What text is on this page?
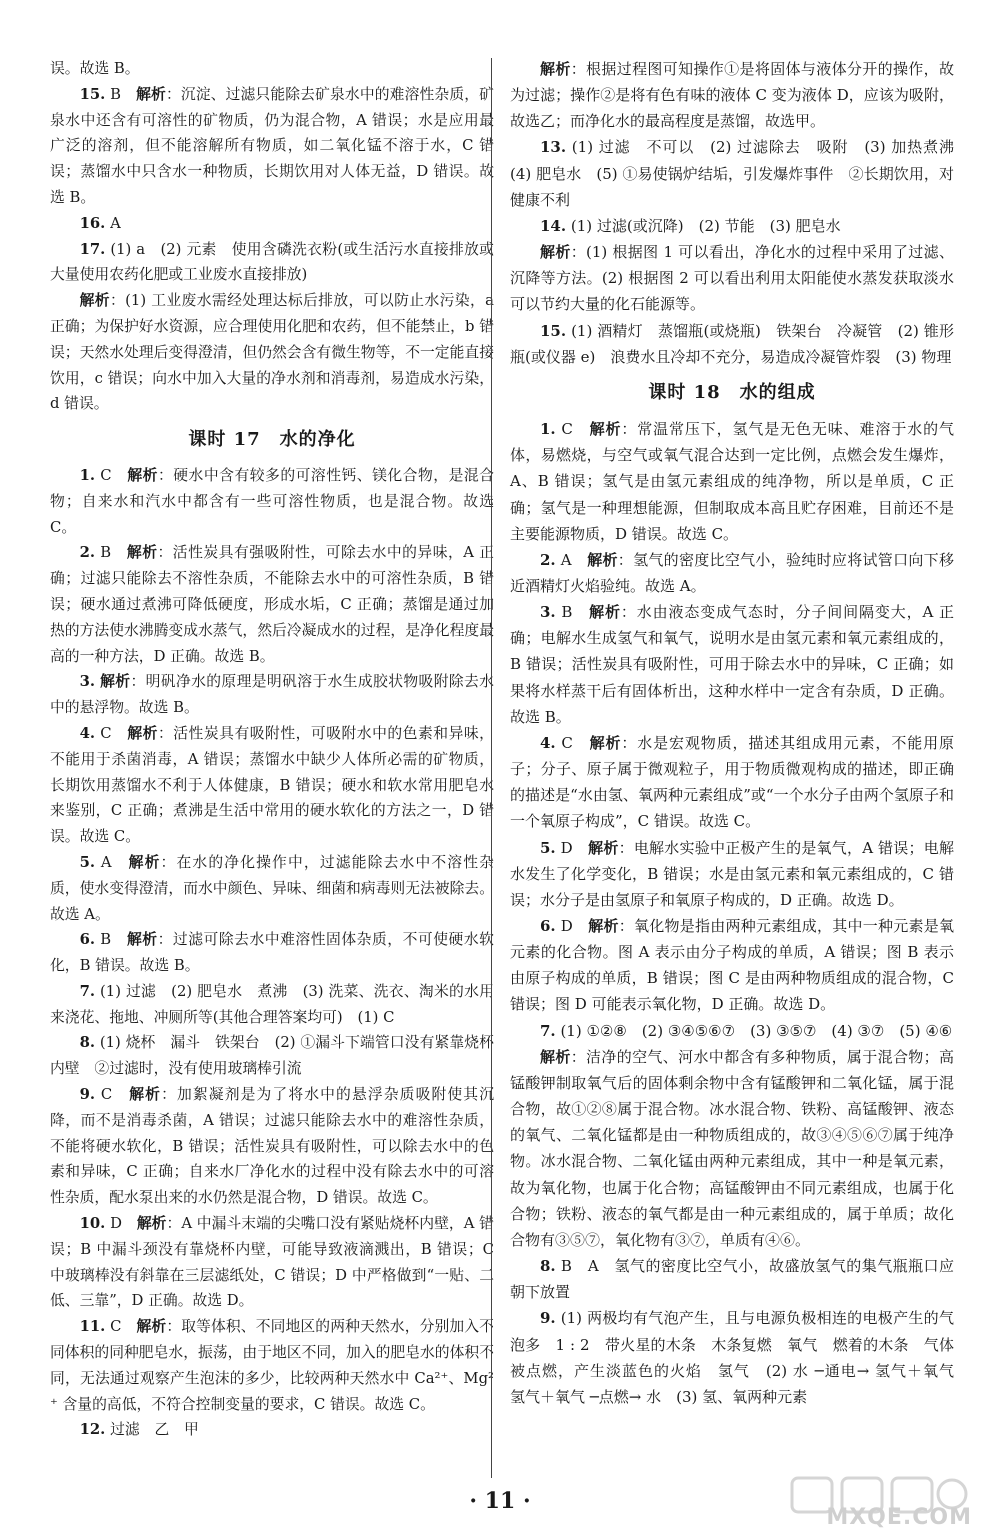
误。故选 B。

15. B　 解析：沉淀、过滤只能除去矿泉水中的难溶性杂质，矿泉水中还含有可溶性的矿物质，仍为混合物，A 错误；水是应用最广泛的溶剂，但不能溶解所有物质，如二氧化锰不溶于水，C 错误；蒸馏水中只含水一种物质，长期饮用对人体无益，D 错误。故选 B。

16. A　

17. (1) a　(2) 元素　使用含磷洗衣粉(或生活污水直接排放或大量使用农药化肥或工业废水直接排放)　

解析：(1) 工业废水需经处理达标后排放，可以防止水污染，a 正确；为保护好水资源，应合理使用化肥和农药，但不能禁止，b 错误；天然水处理后变得澄清，但仍然会含有微生物等，不一定能直接饮用，c 错误；向水中加入大量的净水剂和消毒剂，易造成水污染，d 错误。

课时 17　水的净化

1. C　 解析：硬水中含有较多的可溶性钙、镁化合物，是混合物；自来水和汽水中都含有一些可溶性物质，也是混合物。故选 C。

2. B　 解析：活性炭具有强吸附性，可除去水中的异味，A 正确；过滤只能除去不溶性杂质，不能除去水中的可溶性杂质，B 错误；硬水通过煮沸可降低硬度，形成水垢，C 正确；蒸馏是通过加热的方法使水沸腾变成水蒸气，然后冷凝成水的过程，是净化程度最高的一种方法，D 正确。故选 B。

3. 解析：明矾净水的原理是明矾溶于水生成胶状物吸附除去水中的悬浮物。故选 B。

4. C　 解析：活性炭具有吸附性，可吸附水中的色素和异味，不能用于杀菌消毒，A 错误；蒸馏水中缺少人体所必需的矿物质，长期饮用蒸馏水不利于人体健康，B 错误；硬水和软水常用肥皂水来鉴别，C 正确；煮沸是生活中常用的硬水软化的方法之一，D 错误。故选 C。

5. A　 解析：在水的净化操作中，过滤能除去水中不溶性杂质，使水变得澄清，而水中颜色、异味、细菌和病毒则无法被除去。故选 A。

6. B　 解析：过滤可除去水中难溶性固体杂质，不可使硬水软化，B 错误。故选 B。

7. (1) 过滤　(2) 肥皂水　煮沸　(3) 洗菜、洗衣、淘米的水用来浇花、拖地、冲厕所等(其他合理答案均可)　(1) C　

8. (1) 烧杯　漏斗　铁架台　(2) ①漏斗下端管口没有紧靠烧杯内壁　②过滤时，没有使用玻璃棒引流　

9. C　 解析：加絮凝剂是为了将水中的悬浮杂质吸附使其沉降，而不是消毒杀菌，A 错误；过滤只能除去水中的难溶性杂质，不能将硬水软化，B 错误；活性炭具有吸附性，可以除去水中的色素和异味，C 正确；自来水厂净化水的过程中没有除去水中的可溶性杂质，配水泵出来的水仍然是混合物，D 错误。故选 C。

10. D　 解析：A 中漏斗末端的尖嘴口没有紧贴烧杯内壁，A 错误；B 中漏斗颈没有靠烧杯内壁，可能导致液滴溅出，B 错误；C 中玻璃棒没有斜靠在三层滤纸处，C 错误；D 中严格做到“一贴、二低、三靠”，D 正确。故选 D。

11. C　 解析：取等体积、不同地区的两种天然水，分别加入不同体积的同种肥皂水，振荡，由于地区不同，加入的肥皂水的体积不同，无法通过观察产生泡沫的多少，比较两种天然水中 Ca²⁺、Mg²⁺ 含量的高低，不符合控制变量的要求，C 错误。故选 C。

12. 过滤　乙　甲　

解析：根据过程图可知操作①是将固体与液体分开的操作，故为过滤；操作②是将有色有味的液体 C 变为液体 D，应该为吸附，故选乙；而净化水的最高程度是蒸馏，故选甲。

13. (1) 过滤　不可以　(2) 过滤除去　吸附　(3) 加热煮沸　(4) 肥皂水　(5) ①易使锅炉结垢，引发爆炸事件　②长期饮用，对健康不利　

14. (1) 过滤(或沉降)　(2) 节能　(3) 肥皂水　

解析：(1) 根据图 1 可以看出，净化水的过程中采用了过滤、沉降等方法。(2) 根据图 2 可以看出利用太阳能使水蒸发获取淡水可以节约大量的化石能源等。

15. (1) 酒精灯　蒸馏瓶(或烧瓶)　铁架台　冷凝管　(2) 锥形瓶(或仪器 e)　浪费水且冷却不充分，易造成冷凝管炸裂　(3) 物理　

课时 18　水的组成

1. C　 解析：常温常压下，氢气是无色无味、难溶于水的气体，易燃烧，与空气或氧气混合达到一定比例，点燃会发生爆炸，A、B 错误；氢气是由氢元素组成的纯净物，所以是单质，C 正确；氢气是一种理想能源，但制取成本高且贮存困难，目前还不是主要能源物质，D 错误。故选 C。

2. A　 解析：氢气的密度比空气小，验纯时应将试管口向下移近酒精灯火焰验纯。故选 A。

3. B　 解析：水由液态变成气态时，分子间间隔变大，A 正确；电解水生成氢气和氧气，说明水是由氢元素和氧元素组成的，B 错误；活性炭具有吸附性，可用于除去水中的异味，C 正确；如果将水样蒸干后有固体析出，这种水样中一定含有杂质，D 正确。故选 B。

4. C　 解析：水是宏观物质，描述其组成用元素，不能用原子；分子、原子属于微观粒子，用于物质微观构成的描述，即正确的描述是“水由氢、氧两种元素组成”或“一个水分子由两个氢原子和一个氧原子构成”，C 错误。故选 C。

5. D　 解析：电解水实验中正极产生的是氧气，A 错误；电解水发生了化学变化，B 错误；水是由氢元素和氧元素组成的，C 错误；水分子是由氢原子和氧原子构成的，D 正确。故选 D。

6. D　 解析：氧化物是指由两种元素组成，其中一种元素是氧元素的化合物。图 A 表示由分子构成的单质，A 错误；图 B 表示由原子构成的单质，B 错误；图 C 是由两种物质组成的混合物，C 错误；图 D 可能表示氧化物，D 正确。故选 D。

7. (1) ①②⑧　(2) ③④⑤⑥⑦　(3) ③⑤⑦　(4) ③⑦　(5) ④⑥　

解析：洁净的空气、河水中都含有多种物质，属于混合物；高锰酸钾制取氧气后的固体剩余物中含有锰酸钾和二氧化锰，属于混合物，故①②⑧属于混合物。冰水混合物、铁粉、高锰酸钾、液态的氧气、二氧化锰都是由一种物质组成的，故③④⑤⑥⑦属于纯净物。冰水混合物、二氧化锰由两种元素组成，其中一种是氧元素，故为氧化物，也属于化合物；高锰酸钾由不同元素组成，也属于化合物；铁粉、液态的氧气都是由一种元素组成的，属于单质；故化合物有③⑤⑦，氧化物有③⑦，单质有④⑥。

8. B　A　氢气的密度比空气小，故盛放氢气的集气瓶瓶口应朝下放置　

9. (1) 两极均有气泡产生，且与电源负极相连的电极产生的气泡多　1 : 2　带火星的木条　木条复燃　氧气　燃着的木条　气体被点燃，产生淡蓝色的火焰　氢气　(2) 水 ─通电→ 氢气＋氧气　氢气＋氧气 ─点燃→ 水　(3) 氢、氧两种元素　

· 11 ·
MXQE.COM
